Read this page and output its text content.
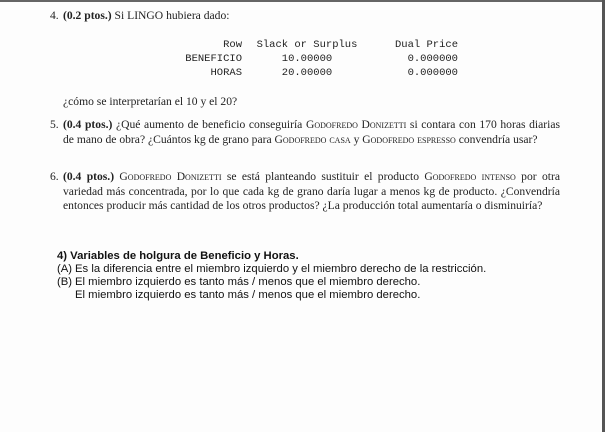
4. (0.2 ptos.) Si LINGO hubiera dado:
Row	Slack or Surplus	Dual Price
BENEFICIO	10.00000	0.000000
HORAS	20.00000	0.000000
¿cómo se interpretarían el 10 y el 20?
5. (0.4 ptos.) ¿Qué aumento de beneficio conseguiría Godofredo Donizetti si contara con 170 horas diarias de mano de obra? ¿Cuántos kg de grano para Godofredo casa y Godofredo espresso convendría usar?
6. (0.4 ptos.) Godofredo Donizetti se está planteando sustituir el producto Godofredo intenso por otra variedad más concentrada, por lo que cada kg de grano daría lugar a menos kg de producto. ¿Convendría entonces producir más cantidad de los otros productos? ¿La producción total aumentaría o disminuiría?
4) Variables de holgura de Beneficio y Horas.
(A) Es la diferencia entre el miembro izquierdo y el miembro derecho de la restricción.
(B) El miembro izquierdo es tanto más / menos que el miembro derecho.
El miembro izquierdo es tanto más / menos que el miembro derecho.
